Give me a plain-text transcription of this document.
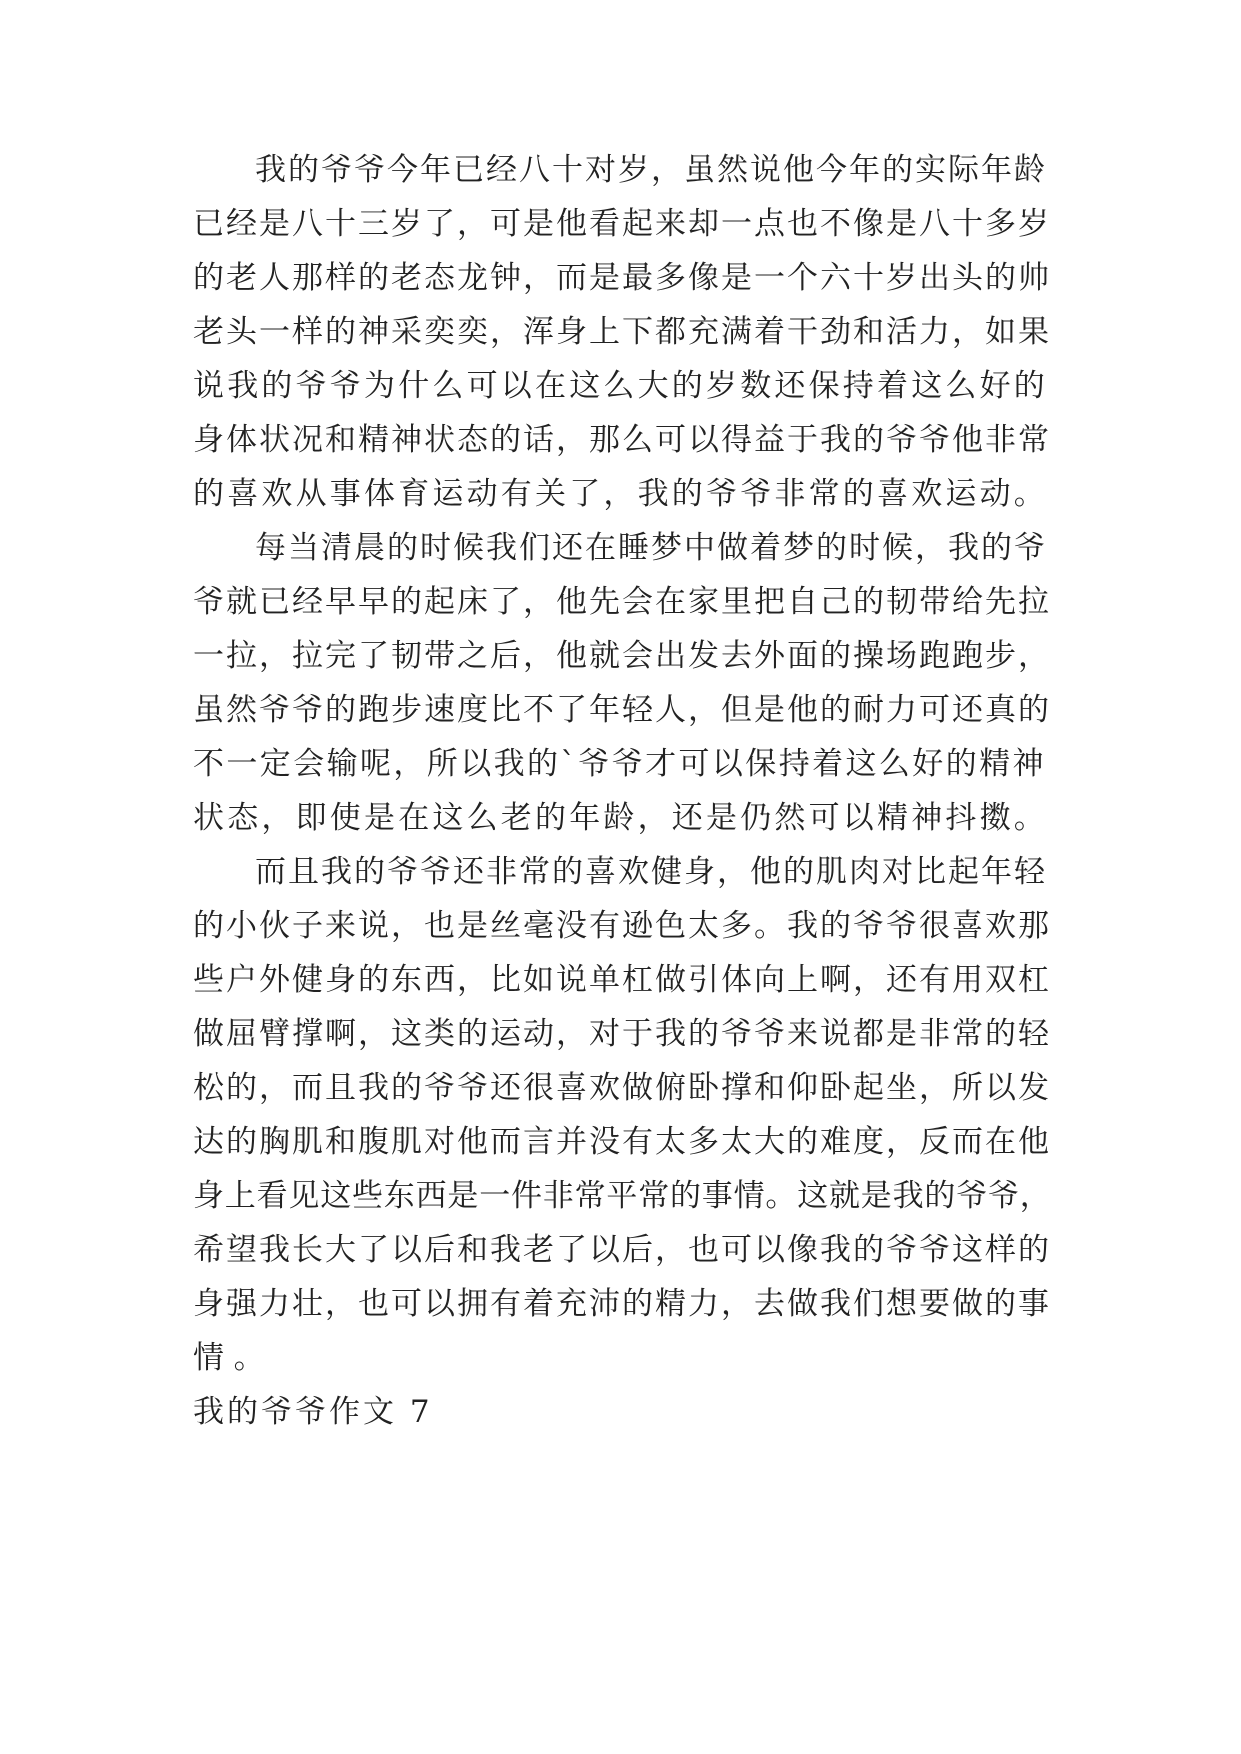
我的爷爷今年已经八十对岁，虽然说他今年的实际年龄
已经是八十三岁了，可是他看起来却一点也不像是八十多岁
的老人那样的老态龙钟，而是最多像是一个六十岁出头的帅
老头一样的神采奕奕，浑身上下都充满着干劲和活力，如果
说我的爷爷为什么可以在这么大的岁数还保持着这么好的
身体状况和精神状态的话，那么可以得益于我的爷爷他非常
的喜欢从事体育运动有关了，我的爷爷非常的喜欢运动。
每当清晨的时候我们还在睡梦中做着梦的时候，我的爷
爷就已经早早的起床了，他先会在家里把自己的韧带给先拉
一拉，拉完了韧带之后，他就会出发去外面的操场跑跑步，
虽然爷爷的跑步速度比不了年轻人，但是他的耐力可还真的
不一定会输呢，所以我的`爷爷才可以保持着这么好的精神
状态，即使是在这么老的年龄，还是仍然可以精神抖擞。
而且我的爷爷还非常的喜欢健身，他的肌肉对比起年轻
的小伙子来说，也是丝毫没有逊色太多。我的爷爷很喜欢那
些户外健身的东西，比如说单杠做引体向上啊，还有用双杠
做屈臂撑啊，这类的运动，对于我的爷爷来说都是非常的轻
松的，而且我的爷爷还很喜欢做俯卧撑和仰卧起坐，所以发
达的胸肌和腹肌对他而言并没有太多太大的难度，反而在他
身上看见这些东西是一件非常平常的事情。这就是我的爷爷，
希望我长大了以后和我老了以后，也可以像我的爷爷这样的
身强力壮，也可以拥有着充沛的精力，去做我们想要做的事
情。
我的爷爷作文 7
